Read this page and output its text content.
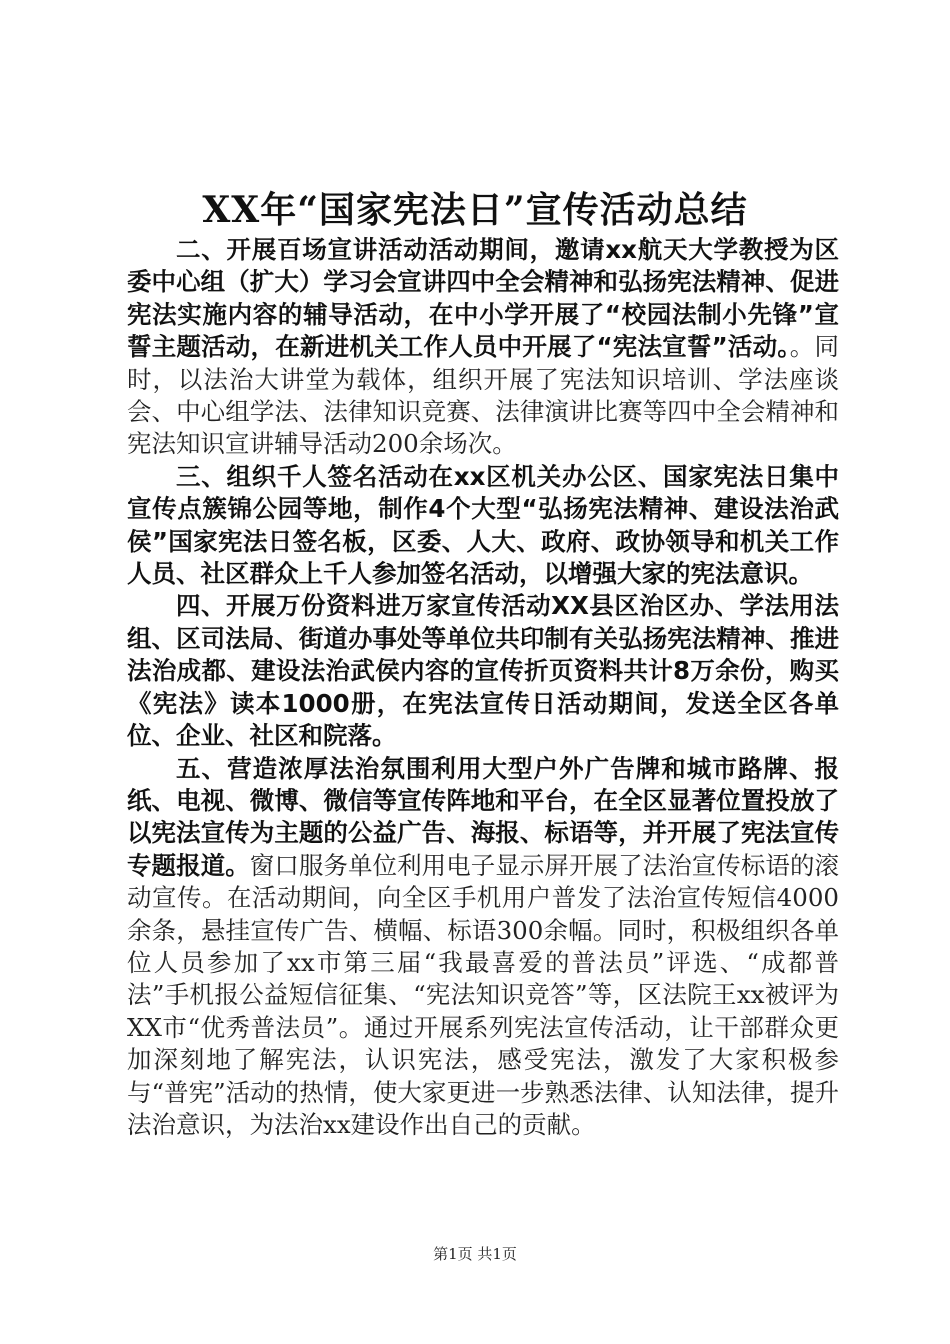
XX年“国家宪法日”宣传活动总结

二、开展百场宣讲活动活动期间，邀请xx航天大学教授为区委中心组（扩大）学习会宣讲四中全会精神和弘扬宪法精神、促进宪法实施内容的辅导活动，在中小学开展了“校园法制小先锋”宣誓主题活动，在新进机关工作人员中开展了“宪法宣誓”活动。。同时，以法治大讲堂为载体，组织开展了宪法知识培训、学法座谈会、中心组学法、法律知识竞赛、法律演讲比赛等四中全会精神和宪法知识宣讲辅导活动200余场次。

三、组织千人签名活动在xx区机关办公区、国家宪法日集中宣传点簇锦公园等地，制作4个大型“弘扬宪法精神、建设法治武侯”国家宪法日签名板，区委、人大、政府、政协领导和机关工作人员、社区群众上千人参加签名活动，以增强大家的宪法意识。

四、开展万份资料进万家宣传活动XX县区治区办、学法用法组、区司法局、街道办事处等单位共印制有关弘扬宪法精神、推进法治成都、建设法治武侯内容的宣传折页资料共计8万余份，购买《宪法》读本1000册，在宪法宣传日活动期间，发送全区各单位、企业、社区和院落。

五、营造浓厚法治氛围利用大型户外广告牌和城市路牌、报纸、电视、微博、微信等宣传阵地和平台，在全区显著位置投放了以宪法宣传为主题的公益广告、海报、标语等，并开展了宪法宣传专题报道。窗口服务单位利用电子显示屏开展了法治宣传标语的滚动宣传。在活动期间，向全区手机用户普发了法治宣传短信4000余条，悬挂宣传广告、横幅、标语300余幅。同时，积极组织各单位人员参加了xx市第三届“我最喜爱的普法员”评选、“成都普法”手机报公益短信征集、“宪法知识竞答”等，区法院王xx被评为XX市“优秀普法员”。通过开展系列宪法宣传活动，让干部群众更加深刻地了解宪法，认识宪法，感受宪法，激发了大家积极参与“普宪”活动的热情，使大家更进一步熟悉法律、认知法律，提升法治意识，为法治xx建设作出自己的贡献。

第1页 共1页
